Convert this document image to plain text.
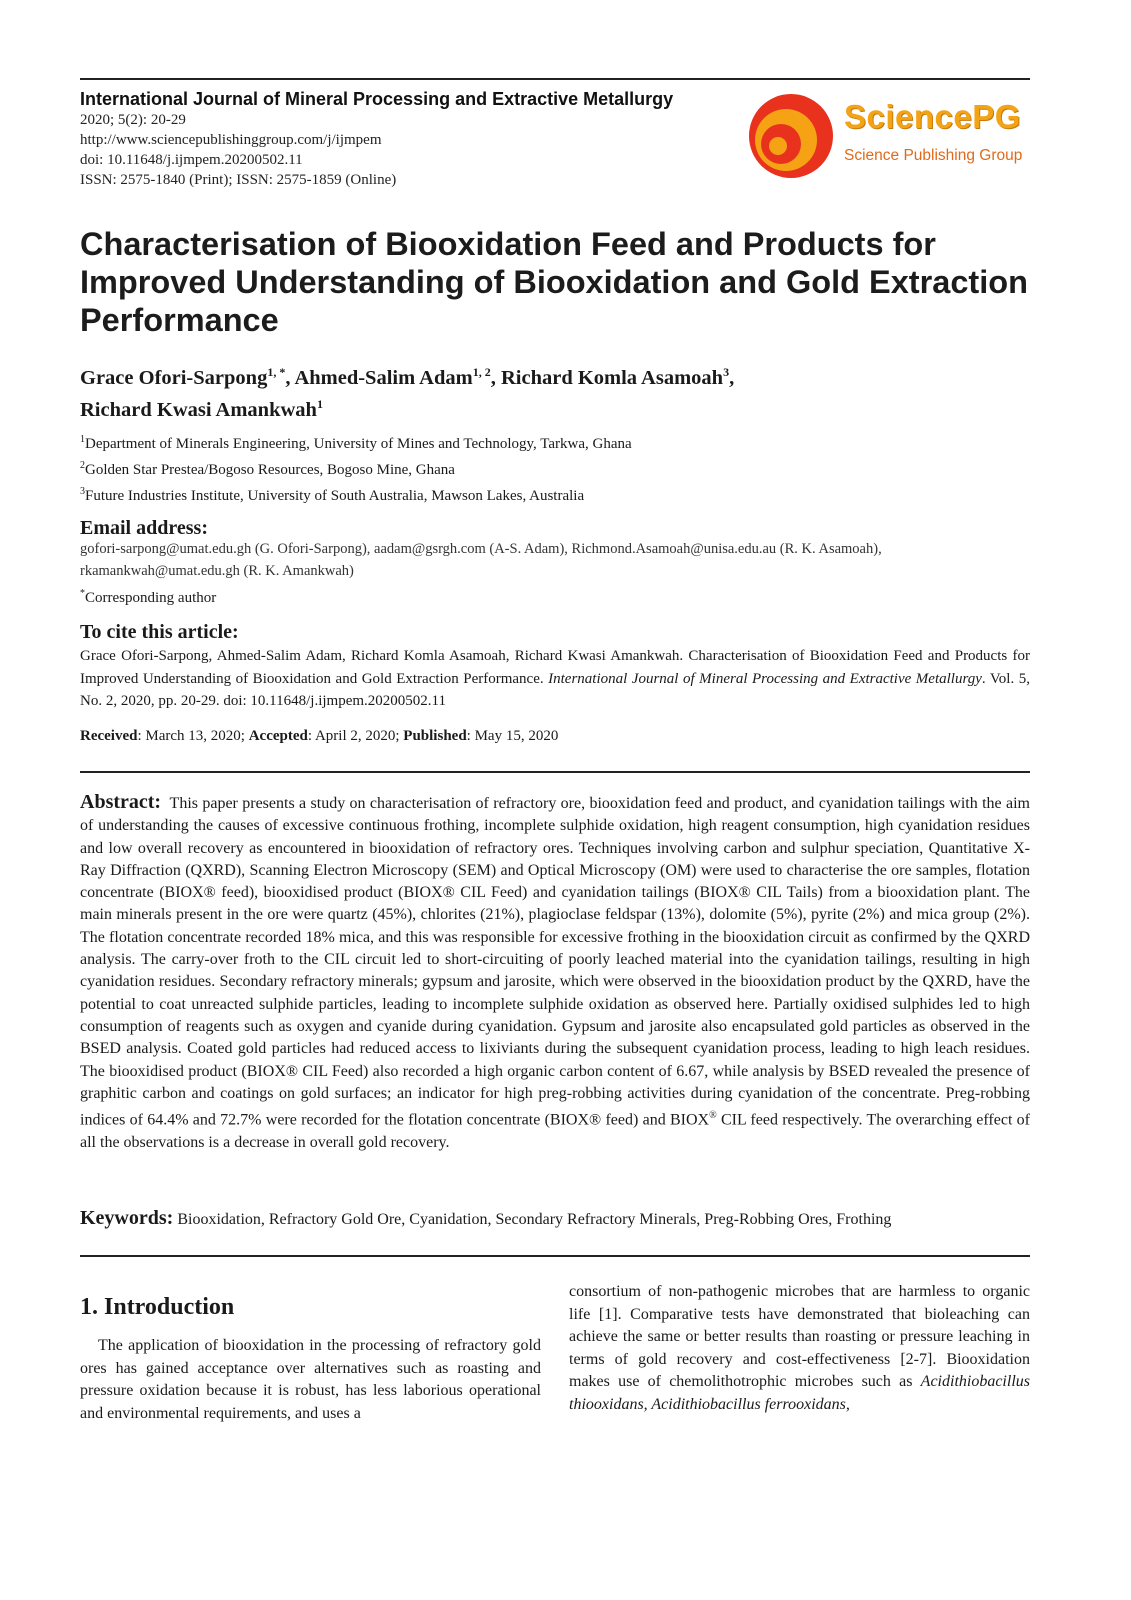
International Journal of Mineral Processing and Extractive Metallurgy
2020; 5(2): 20-29
http://www.sciencepublishinggroup.com/j/ijmpem
doi: 10.11648/j.ijmpem.20200502.11
ISSN: 2575-1840 (Print); ISSN: 2575-1859 (Online)
SciencePG
Science Publishing Group
Characterisation of Biooxidation Feed and Products for Improved Understanding of Biooxidation and Gold Extraction Performance
Grace Ofori-Sarpong$^{1, *}$, Ahmed-Salim Adam$^{1, 2}$, Richard Komla Asamoah$^3$,
Richard Kwasi Amankwah$^1$
$^1$Department of Minerals Engineering, University of Mines and Technology, Tarkwa, Ghana
$^2$Golden Star Prestea/Bogoso Resources, Bogoso Mine, Ghana
$^3$Future Industries Institute, University of South Australia, Mawson Lakes, Australia
Email address:
gofori-sarpong@umat.edu.gh (G. Ofori-Sarpong), aadam@gsrgh.com (A-S. Adam), Richmond.Asamoah@unisa.edu.au (R. K. Asamoah), rkamankwah@umat.edu.gh (R. K. Amankwah)
*Corresponding author
To cite this article:
Grace Ofori-Sarpong, Ahmed-Salim Adam, Richard Komla Asamoah, Richard Kwasi Amankwah. Characterisation of Biooxidation Feed and Products for Improved Understanding of Biooxidation and Gold Extraction Performance. International Journal of Mineral Processing and Extractive Metallurgy. Vol. 5, No. 2, 2020, pp. 20-29. doi: 10.11648/j.ijmpem.20200502.11
Received: March 13, 2020; Accepted: April 2, 2020; Published: May 15, 2020
Abstract: This paper presents a study on characterisation of refractory ore, biooxidation feed and product, and cyanidation tailings with the aim of understanding the causes of excessive continuous frothing, incomplete sulphide oxidation, high reagent consumption, high cyanidation residues and low overall recovery as encountered in biooxidation of refractory ores. Techniques involving carbon and sulphur speciation, Quantitative X-Ray Diffraction (QXRD), Scanning Electron Microscopy (SEM) and Optical Microscopy (OM) were used to characterise the ore samples, flotation concentrate (BIOX® feed), biooxidised product (BIOX® CIL Feed) and cyanidation tailings (BIOX® CIL Tails) from a biooxidation plant. The main minerals present in the ore were quartz (45%), chlorites (21%), plagioclase feldspar (13%), dolomite (5%), pyrite (2%) and mica group (2%). The flotation concentrate recorded 18% mica, and this was responsible for excessive frothing in the biooxidation circuit as confirmed by the QXRD analysis. The carry-over froth to the CIL circuit led to short-circuiting of poorly leached material into the cyanidation tailings, resulting in high cyanidation residues. Secondary refractory minerals; gypsum and jarosite, which were observed in the biooxidation product by the QXRD, have the potential to coat unreacted sulphide particles, leading to incomplete sulphide oxidation as observed here. Partially oxidised sulphides led to high consumption of reagents such as oxygen and cyanide during cyanidation. Gypsum and jarosite also encapsulated gold particles as observed in the BSED analysis. Coated gold particles had reduced access to lixiviants during the subsequent cyanidation process, leading to high leach residues. The biooxidised product (BIOX® CIL Feed) also recorded a high organic carbon content of 6.67, while analysis by BSED revealed the presence of graphitic carbon and coatings on gold surfaces; an indicator for high preg-robbing activities during cyanidation of the concentrate. Preg-robbing indices of 64.4% and 72.7% were recorded for the flotation concentrate (BIOX® feed) and BIOX® CIL feed respectively. The overarching effect of all the observations is a decrease in overall gold recovery.
Keywords: Biooxidation, Refractory Gold Ore, Cyanidation, Secondary Refractory Minerals, Preg-Robbing Ores, Frothing
1. Introduction
The application of biooxidation in the processing of refractory gold ores has gained acceptance over alternatives such as roasting and pressure oxidation because it is robust, has less laborious operational and environmental requirements, and uses a
consortium of non-pathogenic microbes that are harmless to organic life [1]. Comparative tests have demonstrated that bioleaching can achieve the same or better results than roasting or pressure leaching in terms of gold recovery and cost-effectiveness [2-7]. Biooxidation makes use of chemolithotrophic microbes such as Acidithiobacillus thiooxidans, Acidithiobacillus ferrooxidans,
